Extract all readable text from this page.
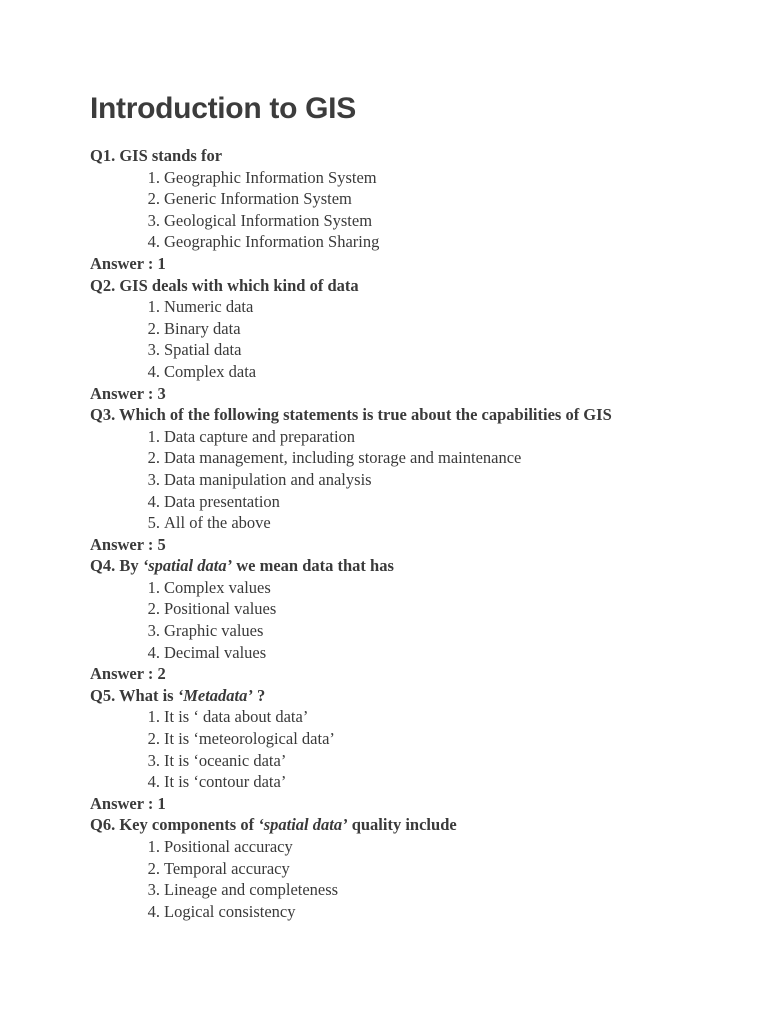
Introduction to GIS
Q1. GIS stands for
1. Geographic Information System
2. Generic Information System
3. Geological Information System
4. Geographic Information Sharing
Answer : 1
Q2. GIS deals with which kind of data
1. Numeric data
2. Binary data
3. Spatial data
4. Complex data
Answer : 3
Q3. Which of the following statements is true about the capabilities of GIS
1. Data capture and preparation
2. Data management, including storage and maintenance
3. Data manipulation and analysis
4. Data presentation
5. All of the above
Answer : 5
Q4. By ‘spatial data’ we mean data that has
1. Complex values
2. Positional values
3. Graphic values
4. Decimal values
Answer : 2
Q5. What is ‘Metadata’ ?
1. It is ‘ data about data’
2. It is ‘meteorological data’
3. It is ‘oceanic data’
4. It is ‘contour data’
Answer : 1
Q6. Key components of ‘spatial data’ quality include
1. Positional accuracy
2. Temporal accuracy
3. Lineage and completeness
4. Logical consistency
